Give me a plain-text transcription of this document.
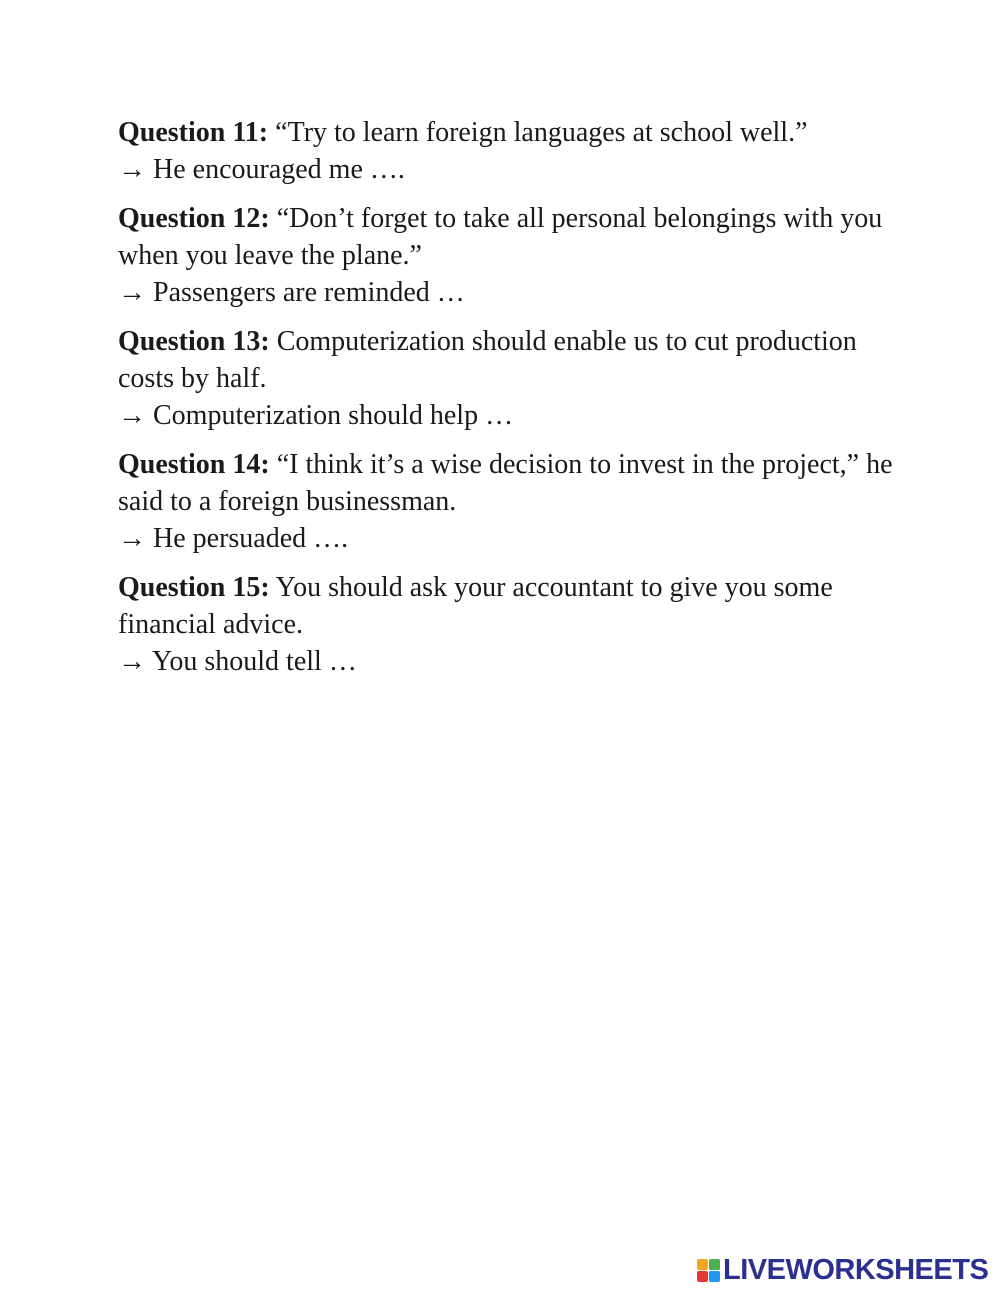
Question 11: “Try to learn foreign languages at school well.”
→ He encouraged me ….
Question 12: “Don’t forget to take all personal belongings with you when you leave the plane.”
→ Passengers are reminded …
Question 13: Computerization should enable us to cut production costs by half.
→ Computerization should help …
Question 14: “I think it’s a wise decision to invest in the project,” he said to a foreign businessman.
→ He persuaded ….
Question 15: You should ask your accountant to give you some financial advice.
→ You should tell …
LIVEWORKSHEETS
